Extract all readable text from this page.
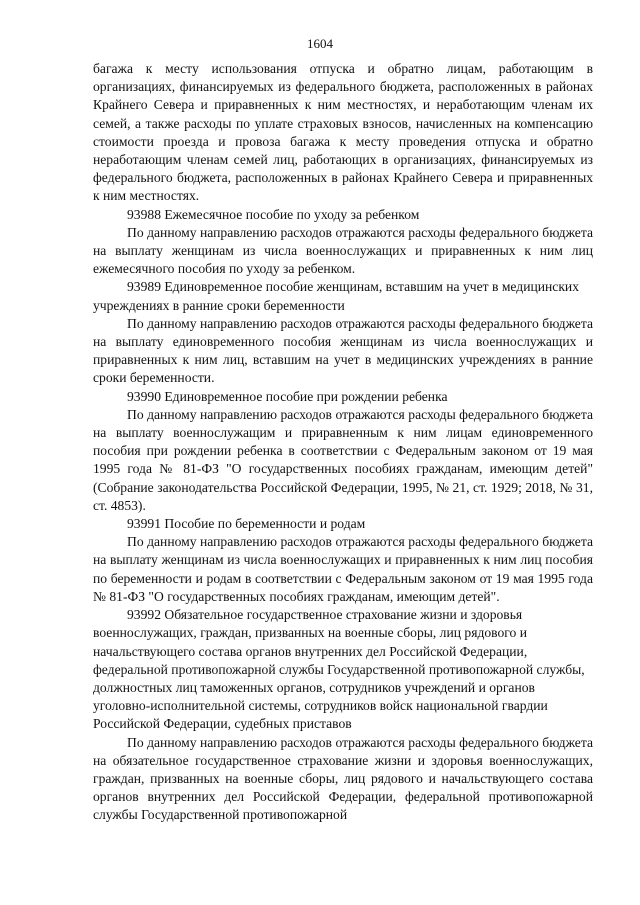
1604

багажа к месту использования отпуска и обратно лицам, работающим в организациях, финансируемых из федерального бюджета, расположенных в районах Крайнего Севера и приравненных к ним местностях, и неработающим членам их семей, а также расходы по уплате страховых взносов, начисленных на компенсацию стоимости проезда и провоза багажа к месту проведения отпуска и обратно неработающим членам семей лиц, работающих в организациях, финансируемых из федерального бюджета, расположенных в районах Крайнего Севера и приравненных к ним местностях.

93988 Ежемесячное пособие по уходу за ребенком

По данному направлению расходов отражаются расходы федерального бюджета на выплату женщинам из числа военнослужащих и приравненных к ним лиц ежемесячного пособия по уходу за ребенком.

93989 Единовременное пособие женщинам, вставшим на учет в медицинских учреждениях в ранние сроки беременности

По данному направлению расходов отражаются расходы федерального бюджета на выплату единовременного пособия женщинам из числа военнослужащих и приравненных к ним лиц, вставшим на учет в медицинских учреждениях в ранние сроки беременности.

93990 Единовременное пособие при рождении ребенка

По данному направлению расходов отражаются расходы федерального бюджета на выплату военнослужащим и приравненным к ним лицам единовременного пособия при рождении ребенка в соответствии с Федеральным законом от 19 мая 1995 года № 81-ФЗ "О государственных пособиях гражданам, имеющим детей" (Собрание законодательства Российской Федерации, 1995, № 21, ст. 1929; 2018, № 31, ст. 4853).

93991 Пособие по беременности и родам

По данному направлению расходов отражаются расходы федерального бюджета на выплату женщинам из числа военнослужащих и приравненных к ним лиц пособия по беременности и родам в соответствии с Федеральным законом от 19 мая 1995 года № 81-ФЗ "О государственных пособиях гражданам, имеющим детей".

93992 Обязательное государственное страхование жизни и здоровья военнослужащих, граждан, призванных на военные сборы, лиц рядового и начальствующего состава органов внутренних дел Российской Федерации, федеральной противопожарной службы Государственной противопожарной службы, должностных лиц таможенных органов, сотрудников учреждений и органов уголовно-исполнительной системы, сотрудников войск национальной гвардии Российской Федерации, судебных приставов

По данному направлению расходов отражаются расходы федерального бюджета на обязательное государственное страхование жизни и здоровья военнослужащих, граждан, призванных на военные сборы, лиц рядового и начальствующего состава органов внутренних дел Российской Федерации, федеральной противопожарной службы Государственной противопожарной
